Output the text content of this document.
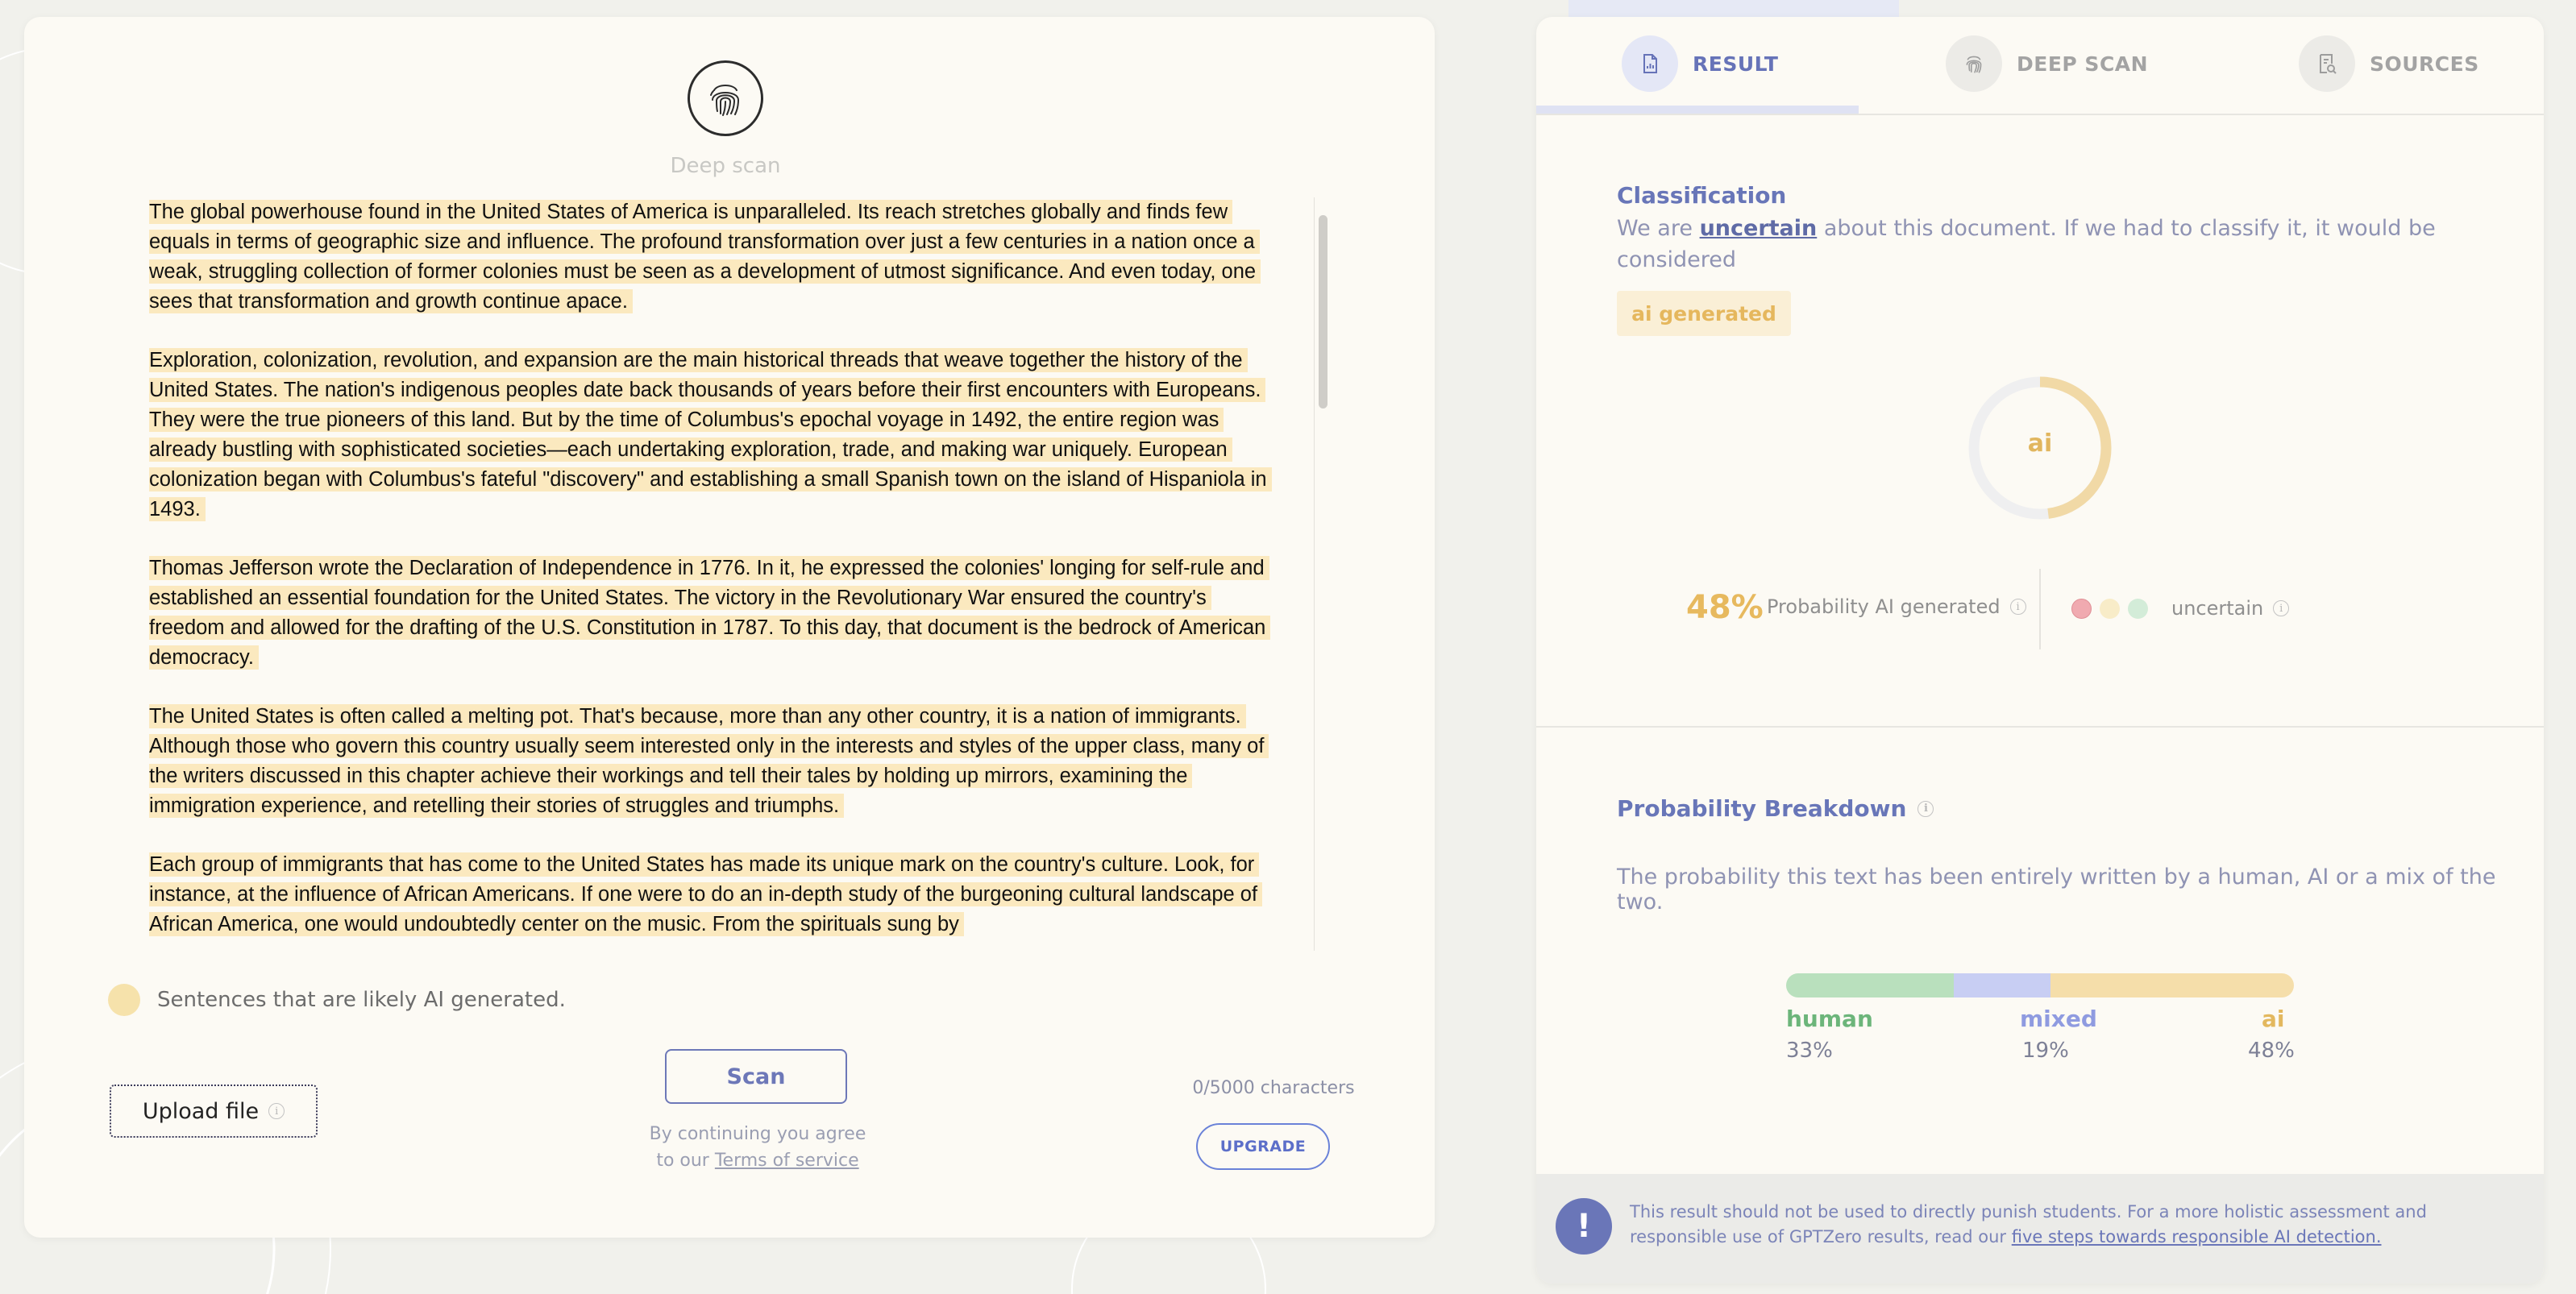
Deep scan

The global powerhouse found in the United States of America is unparalleled. Its reach stretches globally and finds few equals in terms of geographic size and influence. The profound transformation over just a few centuries in a nation once a weak, struggling collection of former colonies must be seen as a development of utmost significance. And even today, one sees that transformation and growth continue apace.

Exploration, colonization, revolution, and expansion are the main historical threads that weave together the history of the United States. The nation's indigenous peoples date back thousands of years before their first encounters with Europeans. They were the true pioneers of this land. But by the time of Columbus's epochal voyage in 1492, the entire region was already bustling with sophisticated societies—each undertaking exploration, trade, and making war uniquely. European colonization began with Columbus's fateful "discovery" and establishing a small Spanish town on the island of Hispaniola in 1493.

Thomas Jefferson wrote the Declaration of Independence in 1776. In it, he expressed the colonies' longing for self-rule and established an essential foundation for the United States. The victory in the Revolutionary War ensured the country's freedom and allowed for the drafting of the U.S. Constitution in 1787. To this day, that document is the bedrock of American democracy.

The United States is often called a melting pot. That's because, more than any other country, it is a nation of immigrants. Although those who govern this country usually seem interested only in the interests and styles of the upper class, many of the writers discussed in this chapter achieve their workings and tell their tales by holding up mirrors, examining the immigration experience, and retelling their stories of struggles and triumphs.

Each group of immigrants that has come to the United States has made its unique mark on the country's culture. Look, for instance, at the influence of African Americans. If one were to do an in-depth study of the burgeoning cultural landscape of African America, one would undoubtedly center on the music. From the spirituals sung by

Sentences that are likely AI generated.
Upload file	i
Scan
By continuing you agree
to our Terms of service
0/5000 characters
UPGRADE
RESULT	DEEP SCAN	SOURCES
Classification
We are uncertain about this document. If we had to classify it, it would be considered
ai generated
ai
48% Probability AI generated	i	uncertain	i
Probability Breakdown	i
The probability this text has been entirely written by a human, AI or a mix of the two.
human
33%
mixed
19%
ai
48%
!	This result should not be used to directly punish students. For a more holistic assessment and responsible use of GPTZero results, read our five steps towards responsible AI detection.
